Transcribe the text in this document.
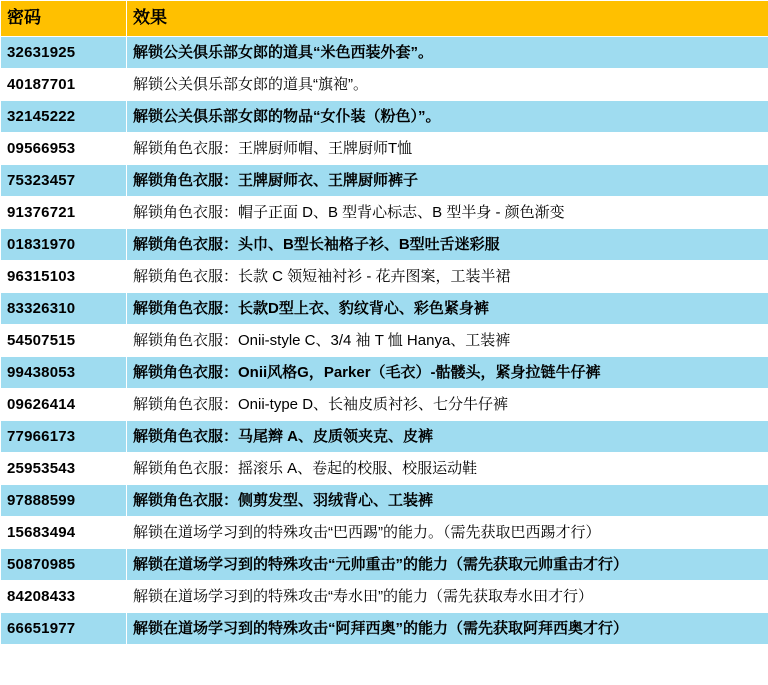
密码	效果
32631925	解锁公关俱乐部女郎的道具“米色西装外套”。
40187701	解锁公关俱乐部女郎的道具“旗袍”。
32145222	解锁公关俱乐部女郎的物品“女仆装（粉色）”。
09566953	解锁角色衣服：王牌厨师帽、王牌厨师T恤
75323457	解锁角色衣服：王牌厨师衣、王牌厨师裤子
91376721	解锁角色衣服：帽子正面 D、B 型背心标志、B 型半身 - 颜色渐变
01831970	解锁角色衣服：头巾、B型长袖格子衫、B型吐舌迷彩服
96315103	解锁角色衣服：长款 C 领短袖衬衫 - 花卉图案，工装半裙
83326310	解锁角色衣服：长款D型上衣、豹纹背心、彩色紧身裤
54507515	解锁角色衣服：Onii-style C、3/4 袖 T 恤 Hanya、工装裤
99438053	解锁角色衣服：Onii风格G，Parker（毛衣）-骷髅头，紧身拉链牛仔裤
09626414	解锁角色衣服：Onii-type D、长袖皮质衬衫、七分牛仔裤
77966173	解锁角色衣服：马尾辫 A、皮质领夹克、皮裤
25953543	解锁角色衣服：摇滚乐 A、卷起的校服、校服运动鞋
97888599	解锁角色衣服：侧剪发型、羽绒背心、工装裤
15683494	解锁在道场学习到的特殊攻击“巴西踢”的能力。（需先获取巴西踢才行）
50870985	解锁在道场学习到的特殊攻击“元帅重击”的能力（需先获取元帅重击才行）
84208433	解锁在道场学习到的特殊攻击“寿水田”的能力（需先获取寿水田才行）
66651977	解锁在道场学习到的特殊攻击“阿拜西奥”的能力（需先获取阿拜西奥才行）
